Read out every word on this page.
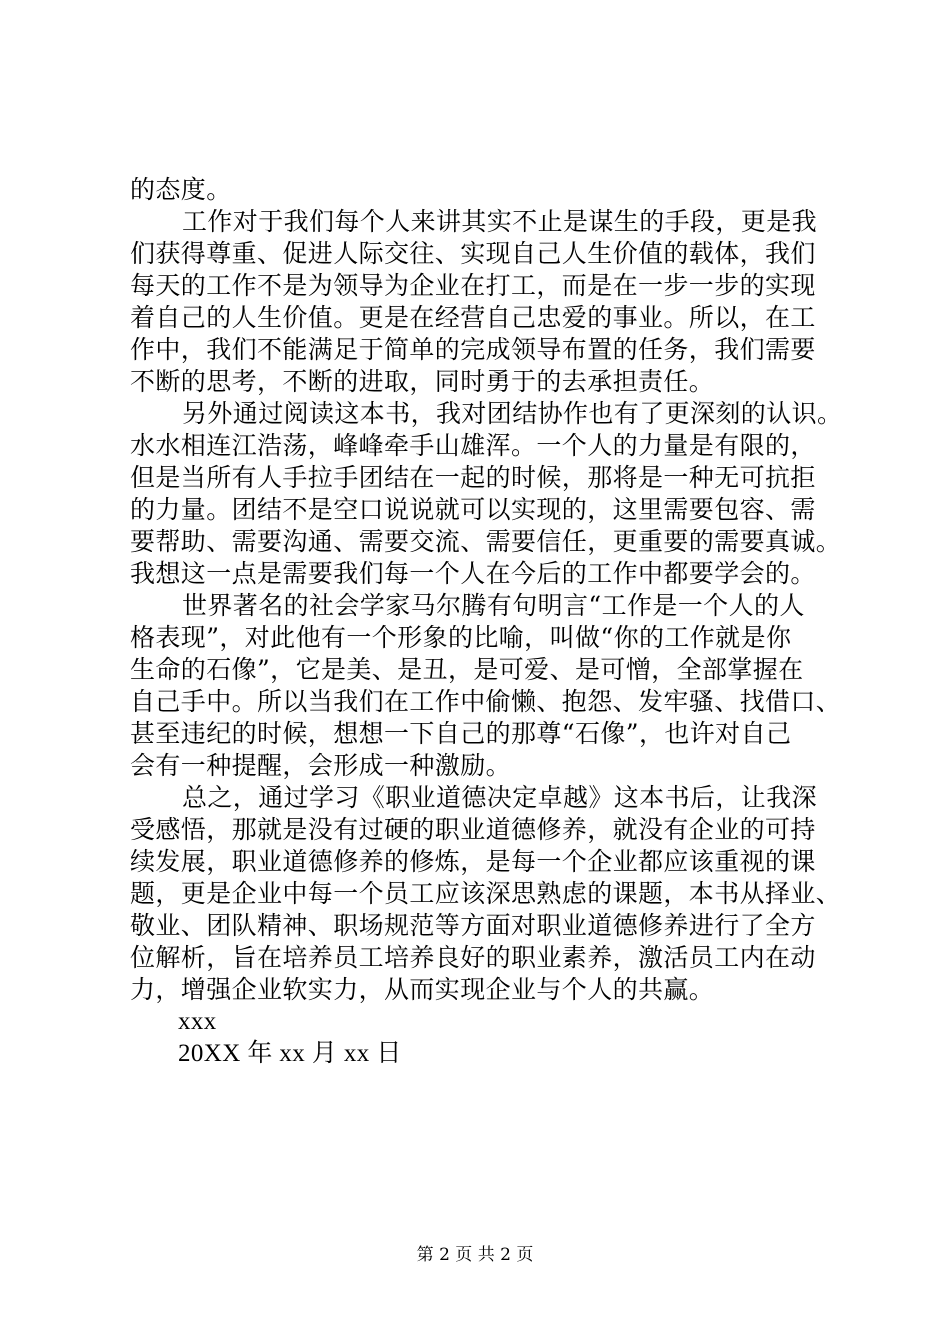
的态度。
工作对于我们每个人来讲其实不止是谋生的手段，更是我
们获得尊重、促进人际交往、实现自己人生价值的载体，我们
每天的工作不是为领导为企业在打工，而是在一步一步的实现
着自己的人生价值。更是在经营自己忠爱的事业。所以，在工
作中，我们不能满足于简单的完成领导布置的任务，我们需要
不断的思考，不断的进取，同时勇于的去承担责任。
另外通过阅读这本书，我对团结协作也有了更深刻的认识。
水水相连江浩荡，峰峰牵手山雄浑。一个人的力量是有限的，
但是当所有人手拉手团结在一起的时候，那将是一种无可抗拒
的力量。团结不是空口说说就可以实现的，这里需要包容、需
要帮助、需要沟通、需要交流、需要信任，更重要的需要真诚。
我想这一点是需要我们每一个人在今后的工作中都要学会的。
世界著名的社会学家马尔腾有句明言“工作是一个人的人
格表现”，对此他有一个形象的比喻，叫做“你的工作就是你
生命的石像”，它是美、是丑，是可爱、是可憎，全部掌握在
自己手中。所以当我们在工作中偷懒、抱怨、发牢骚、找借口、
甚至违纪的时候，想想一下自己的那尊“石像”，也许对自己
会有一种提醒，会形成一种激励。
总之，通过学习《职业道德决定卓越》这本书后，让我深
受感悟，那就是没有过硬的职业道德修养，就没有企业的可持
续发展，职业道德修养的修炼，是每一个企业都应该重视的课
题，更是企业中每一个员工应该深思熟虑的课题，本书从择业、
敬业、团队精神、职场规范等方面对职业道德修养进行了全方
位解析，旨在培养员工培养良好的职业素养，激活员工内在动
力，增强企业软实力，从而实现企业与个人的共赢。
xxx
20XX 年 xx 月 xx 日
第 2 页 共 2 页
